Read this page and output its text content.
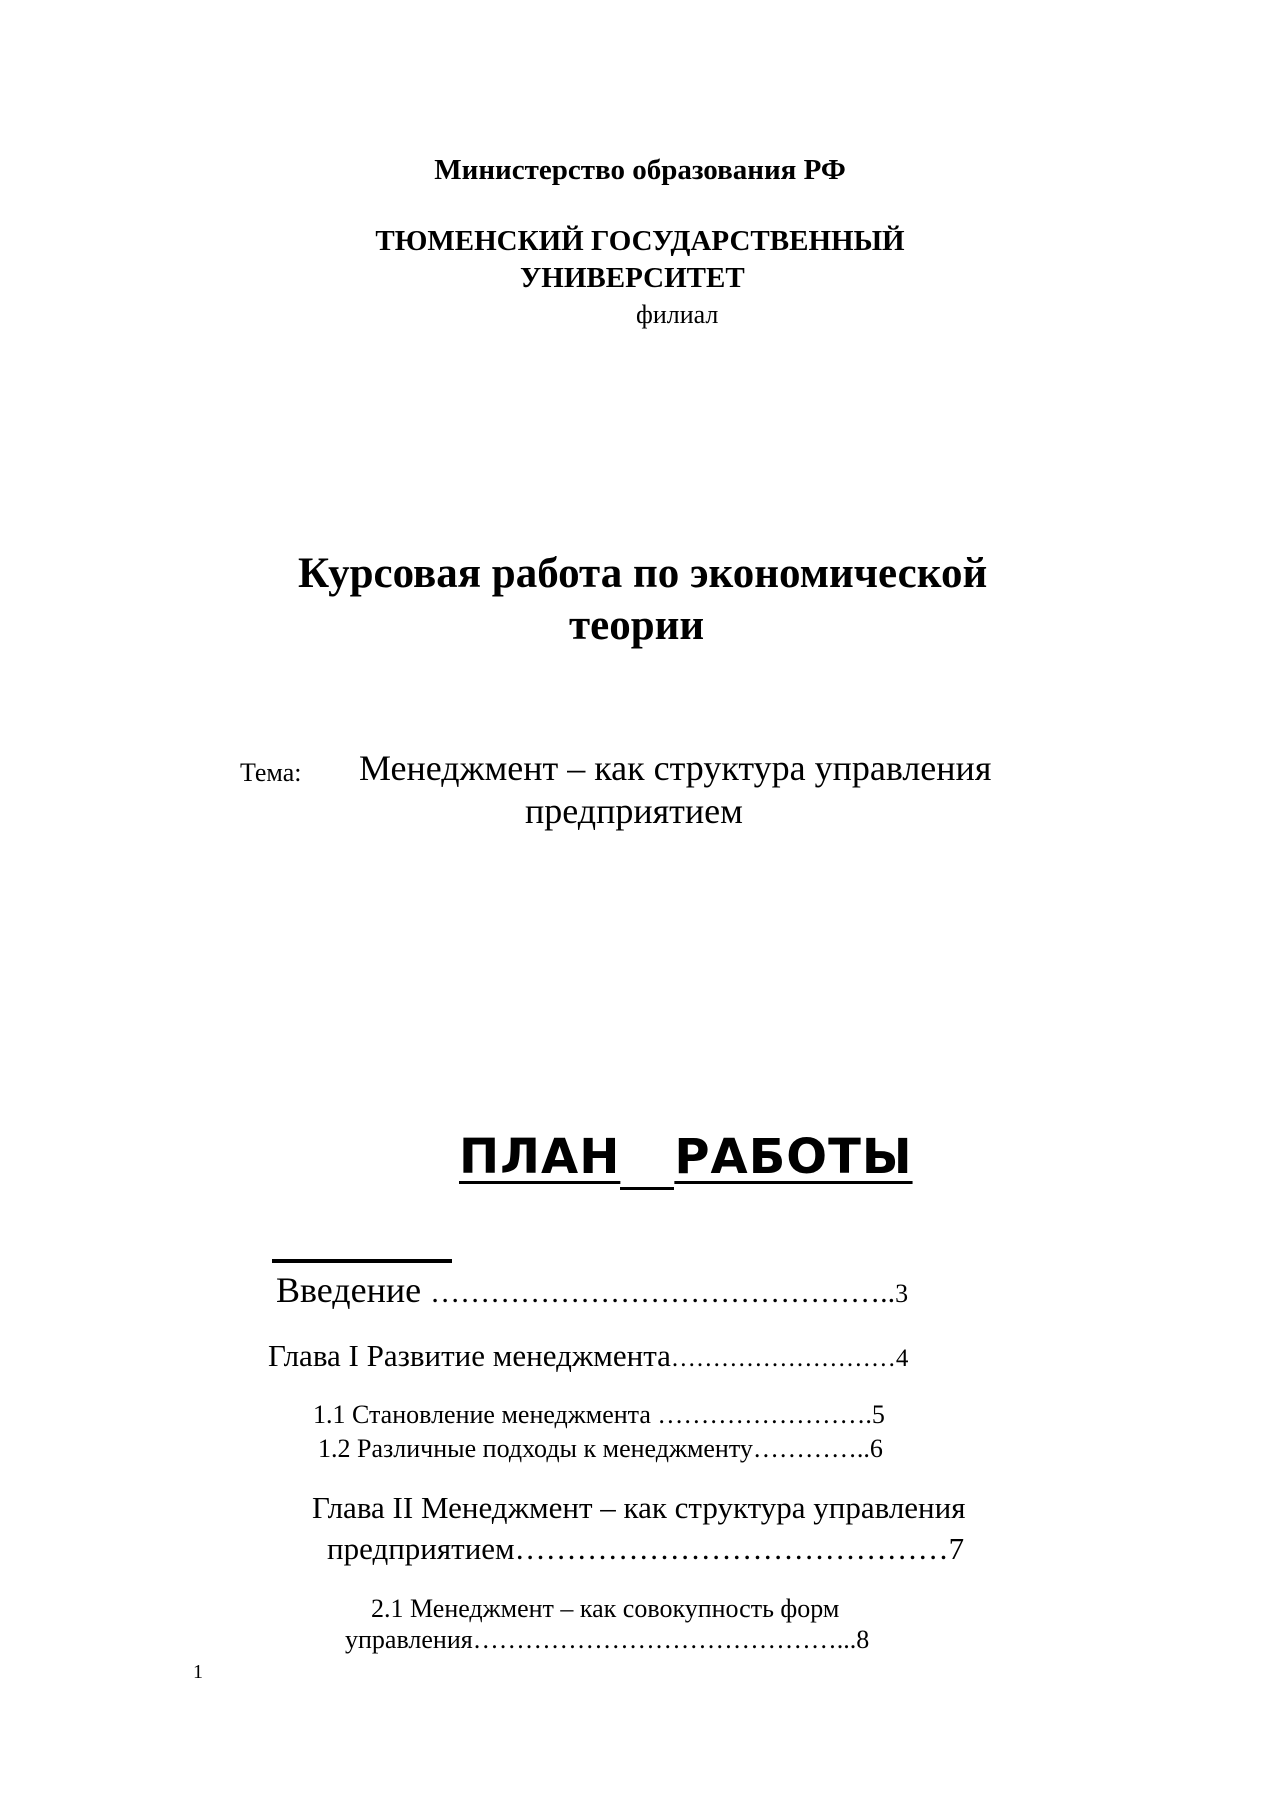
Министерство образования РФ
ТЮМЕНСКИЙ ГОСУДАРСТВЕННЫЙ
УНИВЕРСИТЕТ
филиал
Курсовая работа по экономической
теории
Тема: Менеджмент – как структура управления
предприятием
ПЛАН РАБОТЫ
Введение ………………………………………..3
Глава I Развитие менеджмента………………………4
1.1 Становление менеджмента …………………….5
1.2 Различные подходы к менеджменту…………..6
Глава II Менеджмент – как структура управления
предприятием……………………………………7
2.1 Менеджмент – как совокупность форм
управления……………………………………...8
1
